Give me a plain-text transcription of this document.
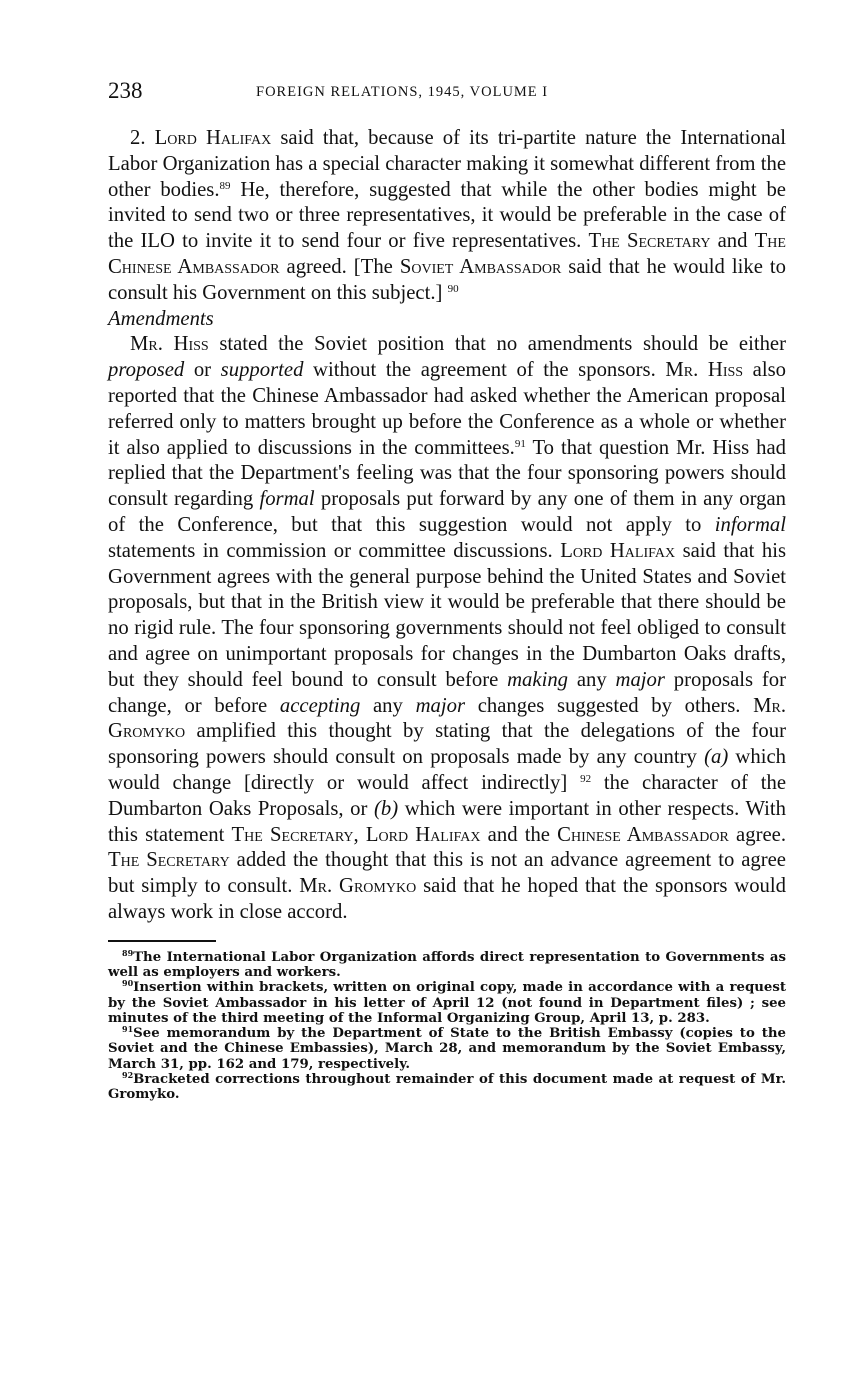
238	FOREIGN RELATIONS, 1945, VOLUME I

2. Lord Halifax said that, because of its tri-partite nature the International Labor Organization has a special character making it somewhat different from the other bodies.$^{89}$ He, therefore, suggested that while the other bodies might be invited to send two or three representatives, it would be preferable in the case of the ILO to invite it to send four or five representatives. The Secretary and The Chinese Ambassador agreed. [The Soviet Ambassador said that he would like to consult his Government on this subject.] $^{90}$

Amendments

Mr. Hiss stated the Soviet position that no amendments should be either proposed or supported without the agreement of the sponsors. Mr. Hiss also reported that the Chinese Ambassador had asked whether the American proposal referred only to matters brought up before the Conference as a whole or whether it also applied to discussions in the committees.$^{91}$ To that question Mr. Hiss had replied that the Department's feeling was that the four sponsoring powers should consult regarding formal proposals put forward by any one of them in any organ of the Conference, but that this suggestion would not apply to informal statements in commission or committee discussions. Lord Halifax said that his Government agrees with the general purpose behind the United States and Soviet proposals, but that in the British view it would be preferable that there should be no rigid rule. The four sponsoring governments should not feel obliged to consult and agree on unimportant proposals for changes in the Dumbarton Oaks drafts, but they should feel bound to consult before making any major proposals for change, or before accepting any major changes suggested by others. Mr. Gromyko amplified this thought by stating that the delegations of the four sponsoring powers should consult on proposals made by any country (a) which would change [directly or would affect indirectly] $^{92}$ the character of the Dumbarton Oaks Proposals, or (b) which were important in other respects. With this statement The Secretary, Lord Halifax and the Chinese Ambassador agree. The Secretary added the thought that this is not an advance agreement to agree but simply to consult. Mr. Gromyko said that he hoped that the sponsors would always work in close accord.

$^{89}$The International Labor Organization affords direct representation to Governments as well as employers and workers.

$^{90}$Insertion within brackets, written on original copy, made in accordance with a request by the Soviet Ambassador in his letter of April 12 (not found in Department files) ; see minutes of the third meeting of the Informal Organizing Group, April 13, p. 283.

$^{91}$See memorandum by the Department of State to the British Embassy (copies to the Soviet and the Chinese Embassies), March 28, and memorandum by the Soviet Embassy, March 31, pp. 162 and 179, respectively.

$^{92}$Bracketed corrections throughout remainder of this document made at request of Mr. Gromyko.
